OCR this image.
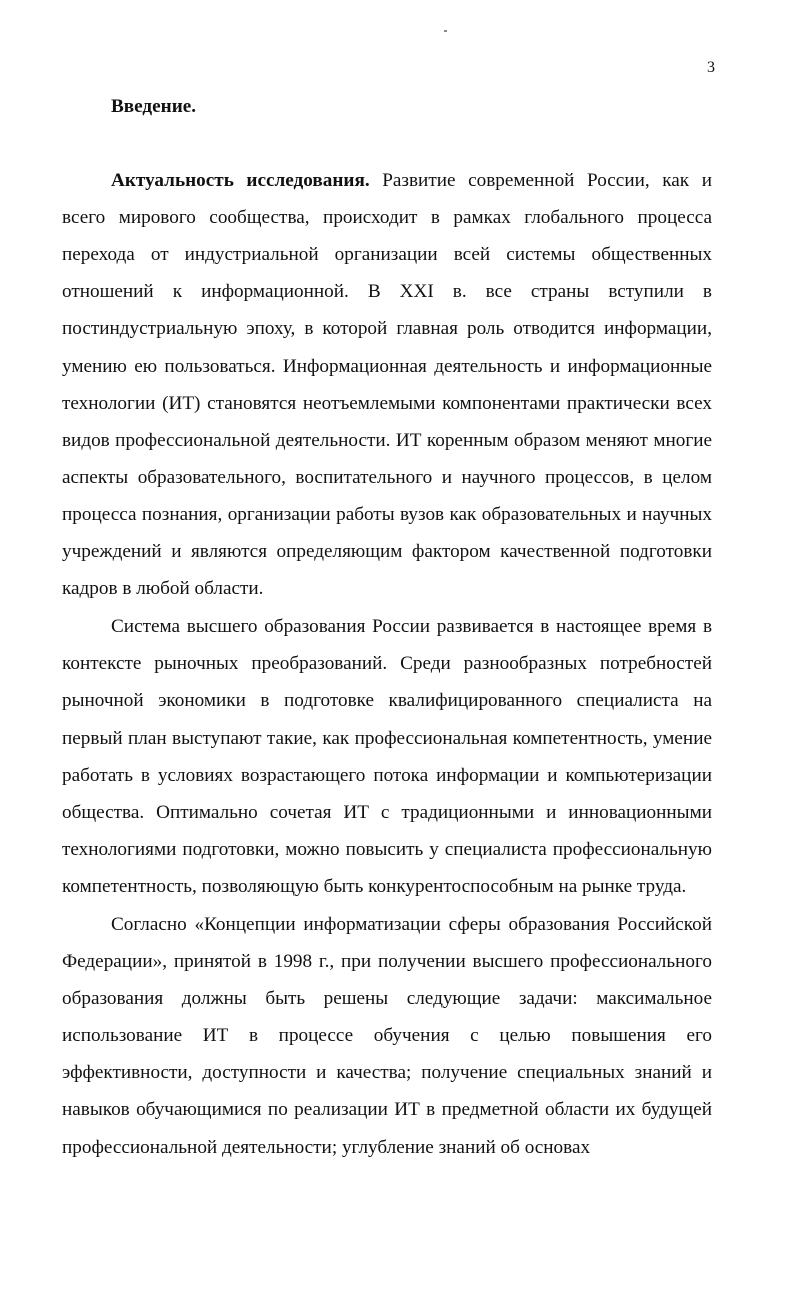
3
Введение.

Актуальность исследования. Развитие современной России, как и всего мирового сообщества, происходит в рамках глобального процесса перехода от индустриальной организации всей системы общественных отношений к информационной. В XXI в. все страны вступили в постиндустриальную эпоху, в которой главная роль отводится информации, умению ею пользоваться. Информационная деятельность и информационные технологии (ИТ) становятся неотъемлемыми компонентами практически всех видов профессиональной деятельности. ИТ коренным образом меняют многие аспекты образовательного, воспитательного и научного процессов, в целом процесса познания, организации работы вузов как образовательных и научных учреждений и являются определяющим фактором качественной подготовки кадров в любой области.

Система высшего образования России развивается в настоящее время в контексте рыночных преобразований. Среди разнообразных потребностей рыночной экономики в подготовке квалифицированного специалиста на первый план выступают такие, как профессиональная компетентность, умение работать в условиях возрастающего потока информации и компьютеризации общества. Оптимально сочетая ИТ с традиционными и инновационными технологиями подготовки, можно повысить у специалиста профессиональную компетентность, позволяющую быть конкурентоспособным на рынке труда.

Согласно «Концепции информатизации сферы образования Российской Федерации», принятой в 1998 г., при получении высшего профессионального образования должны быть решены следующие задачи: максимальное использование ИТ в процессе обучения с целью повышения его эффективности, доступности и качества; получение специальных знаний и навыков обучающимися по реализации ИТ в предметной области их будущей профессиональной деятельности; углубление знаний об основах
